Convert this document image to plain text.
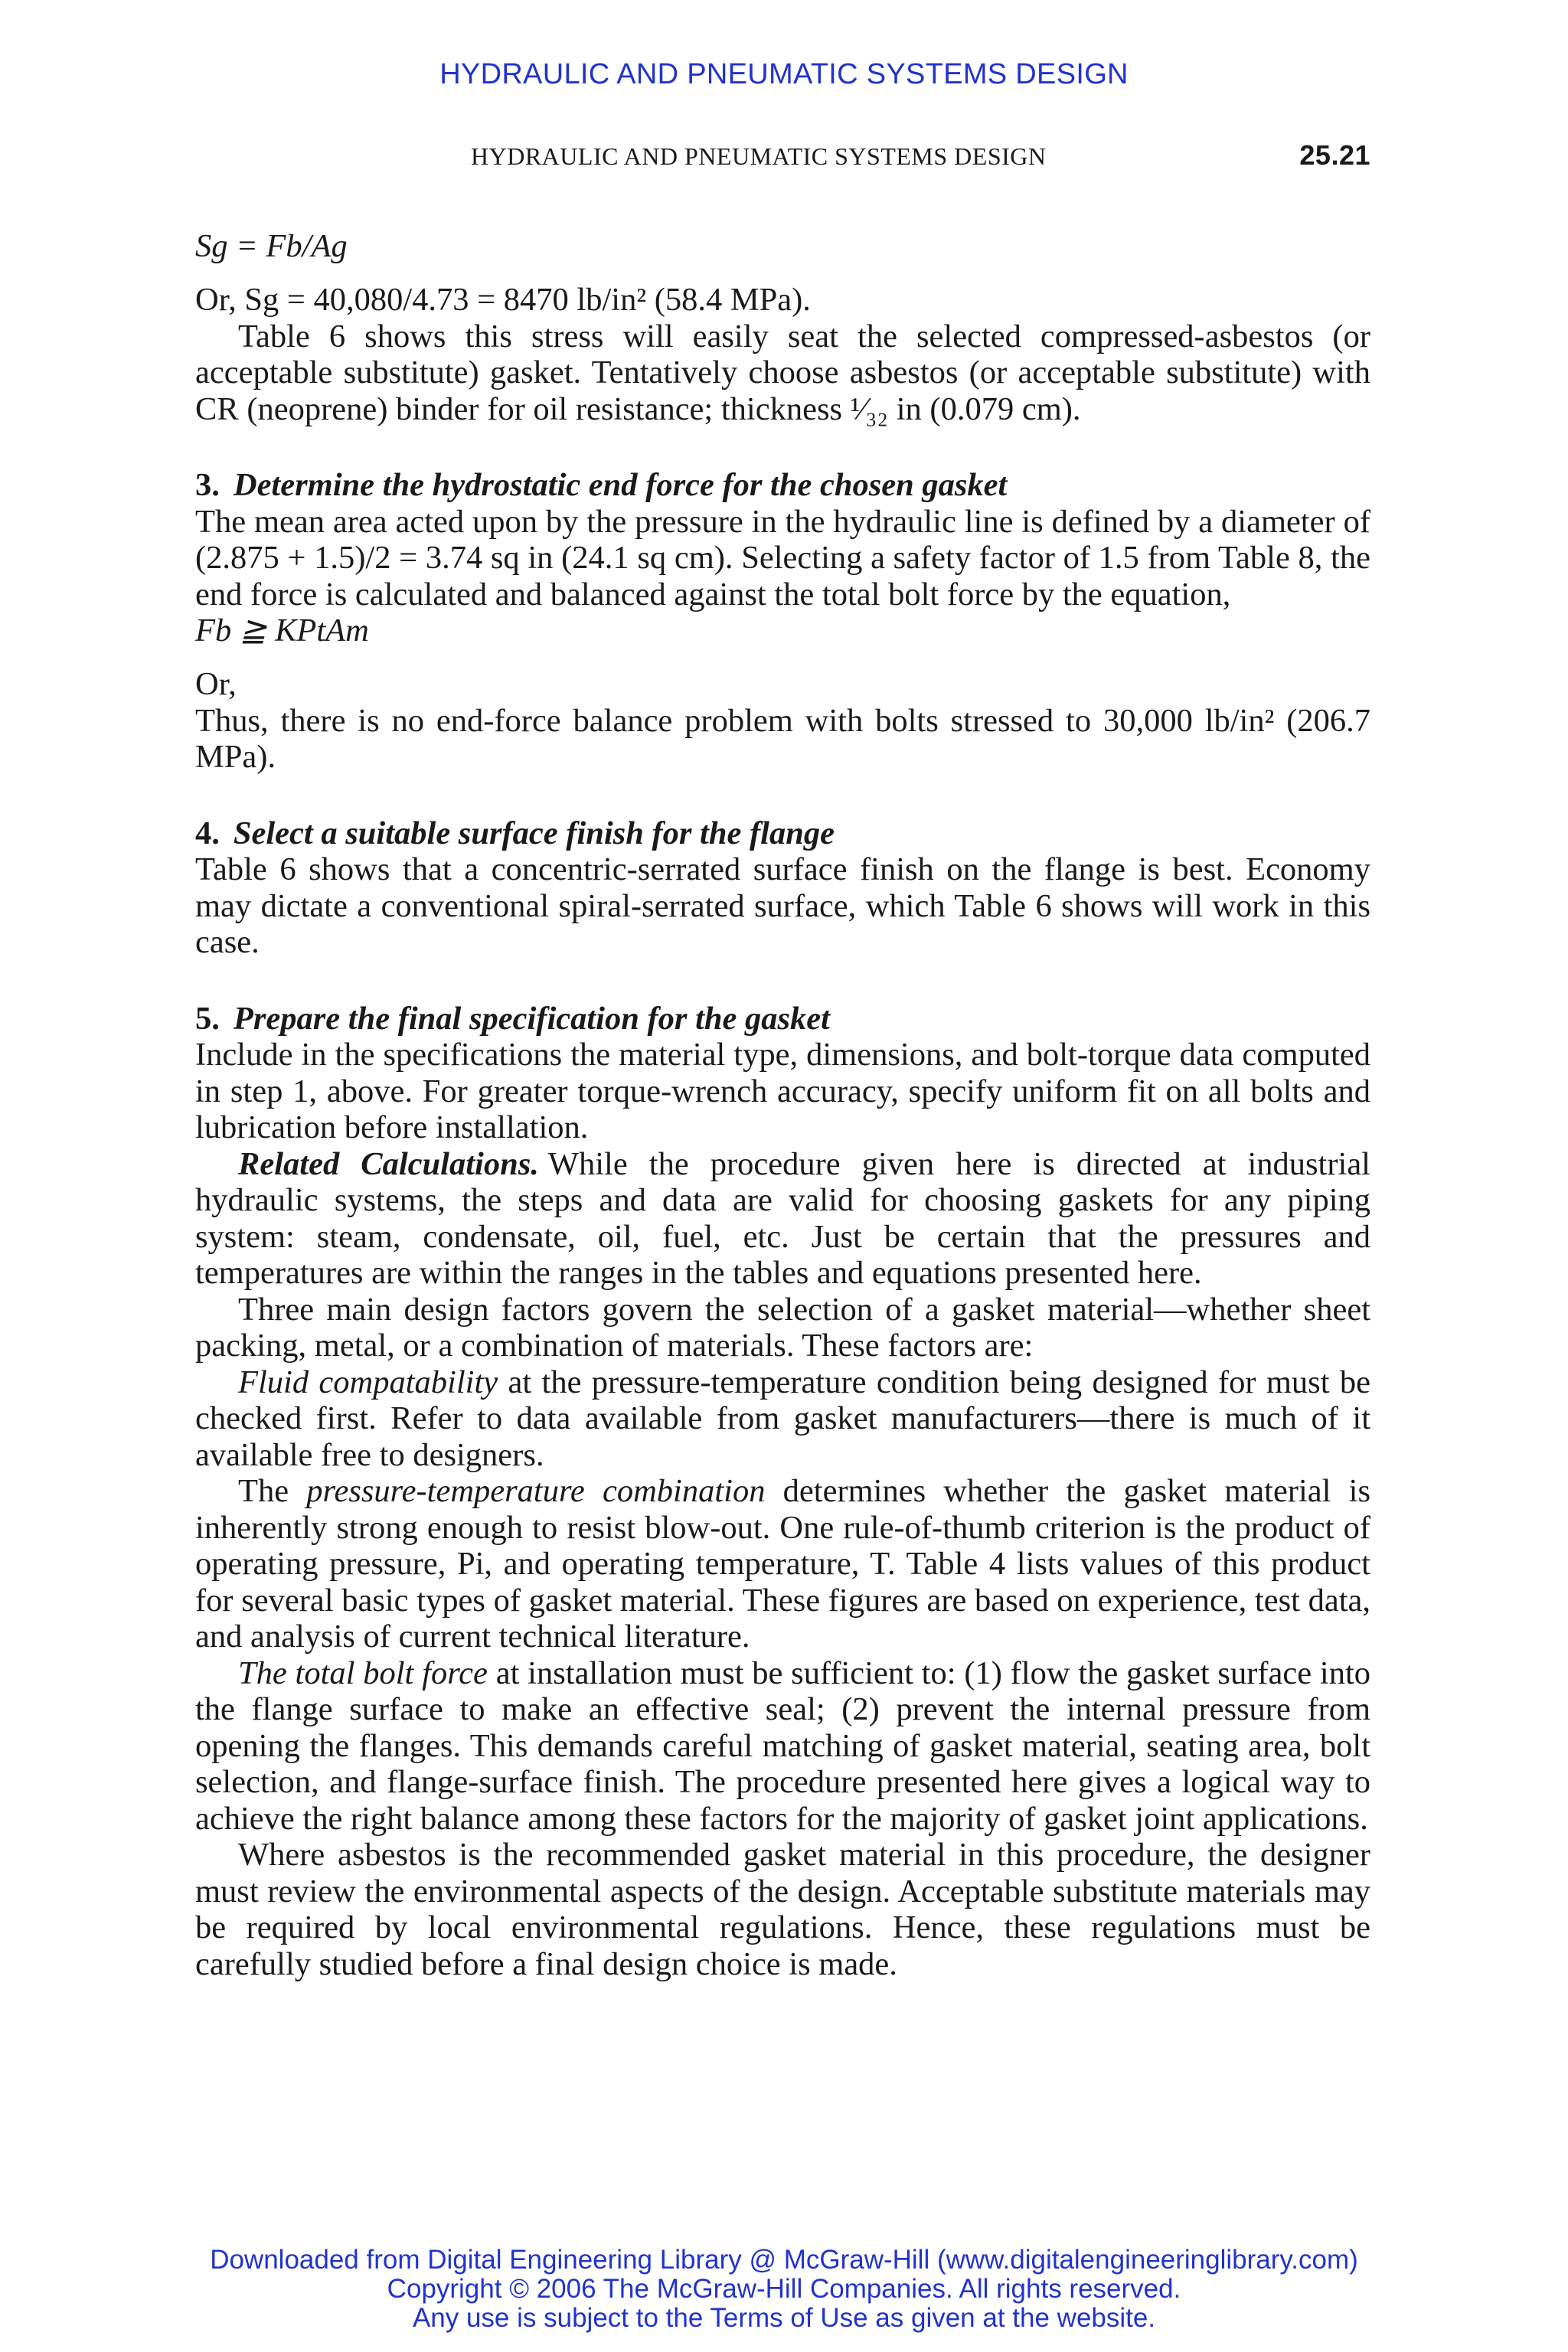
HYDRAULIC AND PNEUMATIC SYSTEMS DESIGN
HYDRAULIC AND PNEUMATIC SYSTEMS DESIGN	25.21

Sg = Fb/Ag

Or, Sg = 40,080/4.73 = 8470 lb/in² (58.4 MPa).

Table 6 shows this stress will easily seat the selected compressed-asbestos (or acceptable substitute) gasket. Tentatively choose asbestos (or acceptable substitute) with CR (neoprene) binder for oil resistance; thickness ¹⁄₃₂ in (0.079 cm).

3. Determine the hydrostatic end force for the chosen gasket

The mean area acted upon by the pressure in the hydraulic line is defined by a diameter of (2.875 + 1.5)/2 = 3.74 sq in (24.1 sq cm). Selecting a safety factor of 1.5 from Table 8, the end force is calculated and balanced against the total bolt force by the equation,

Fb ≧ KPtAm

Or,

Thus, there is no end-force balance problem with bolts stressed to 30,000 lb/in² (206.7 MPa).

4. Select a suitable surface finish for the flange

Table 6 shows that a concentric-serrated surface finish on the flange is best. Economy may dictate a conventional spiral-serrated surface, which Table 6 shows will work in this case.

5. Prepare the final specification for the gasket

Include in the specifications the material type, dimensions, and bolt-torque data computed in step 1, above. For greater torque-wrench accuracy, specify uniform fit on all bolts and lubrication before installation.

Related Calculations. While the procedure given here is directed at industrial hydraulic systems, the steps and data are valid for choosing gaskets for any piping system: steam, condensate, oil, fuel, etc. Just be certain that the pressures and temperatures are within the ranges in the tables and equations presented here.

Three main design factors govern the selection of a gasket material—whether sheet packing, metal, or a combination of materials. These factors are:

Fluid compatability at the pressure-temperature condition being designed for must be checked first. Refer to data available from gasket manufacturers—there is much of it available free to designers.

The pressure-temperature combination determines whether the gasket material is inherently strong enough to resist blow-out. One rule-of-thumb criterion is the product of operating pressure, Pi, and operating temperature, T. Table 4 lists values of this product for several basic types of gasket material. These figures are based on experience, test data, and analysis of current technical literature.

The total bolt force at installation must be sufficient to: (1) flow the gasket surface into the flange surface to make an effective seal; (2) prevent the internal pressure from opening the flanges. This demands careful matching of gasket material, seating area, bolt selection, and flange-surface finish. The procedure presented here gives a logical way to achieve the right balance among these factors for the majority of gasket joint applications.

Where asbestos is the recommended gasket material in this procedure, the designer must review the environmental aspects of the design. Acceptable substitute materials may be required by local environmental regulations. Hence, these regulations must be carefully studied before a final design choice is made.

Downloaded from Digital Engineering Library @ McGraw-Hill (www.digitalengineeringlibrary.com)
Copyright © 2006 The McGraw-Hill Companies. All rights reserved.
Any use is subject to the Terms of Use as given at the website.
